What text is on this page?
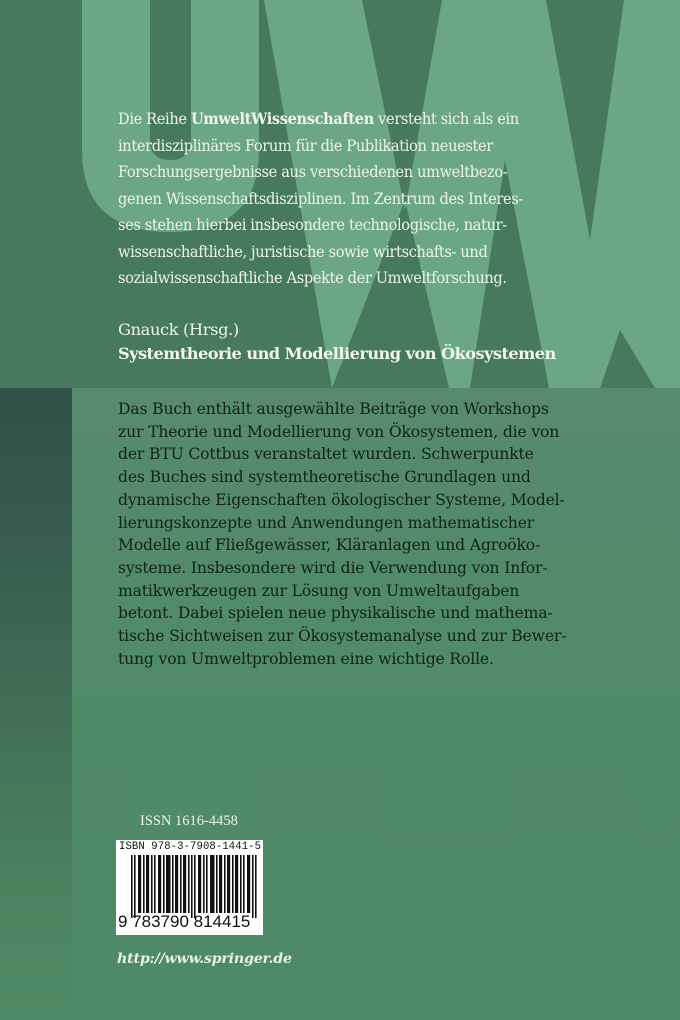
Die Reihe UmweltWissenschaften versteht sich als ein
interdisziplinäres Forum für die Publikation neuester
Forschungsergebnisse aus verschiedenen umweltbezo-
genen Wissenschaftsdisziplinen. Im Zentrum des Interes-
ses stehen hierbei insbesondere technologische, natur-
wissenschaftliche, juristische sowie wirtschafts- und
sozialwissenschaftliche Aspekte der Umweltforschung.
Gnauck (Hrsg.)
Systemtheorie und Modellierung von Ökosystemen
Das Buch enthält ausgewählte Beiträge von Workshops
zur Theorie und Modellierung von Ökosystemen, die von
der BTU Cottbus veranstaltet wurden. Schwerpunkte
des Buches sind systemtheoretische Grundlagen und
dynamische Eigenschaften ökologischer Systeme, Model-
lierungskonzepte und Anwendungen mathematischer
Modelle auf Fließgewässer, Kläranlagen und Agroöko-
systeme. Insbesondere wird die Verwendung von Infor-
matikwerkzeugen zur Lösung von Umweltaufgaben
betont. Dabei spielen neue physikalische und mathema-
tische Sichtweisen zur Ökosystemanalyse und zur Bewer-
tung von Umweltproblemen eine wichtige Rolle.
ISSN 1616-4458
ISBN 978-3-7908-1441-5
9 783790 814415
http://www.springer.de
